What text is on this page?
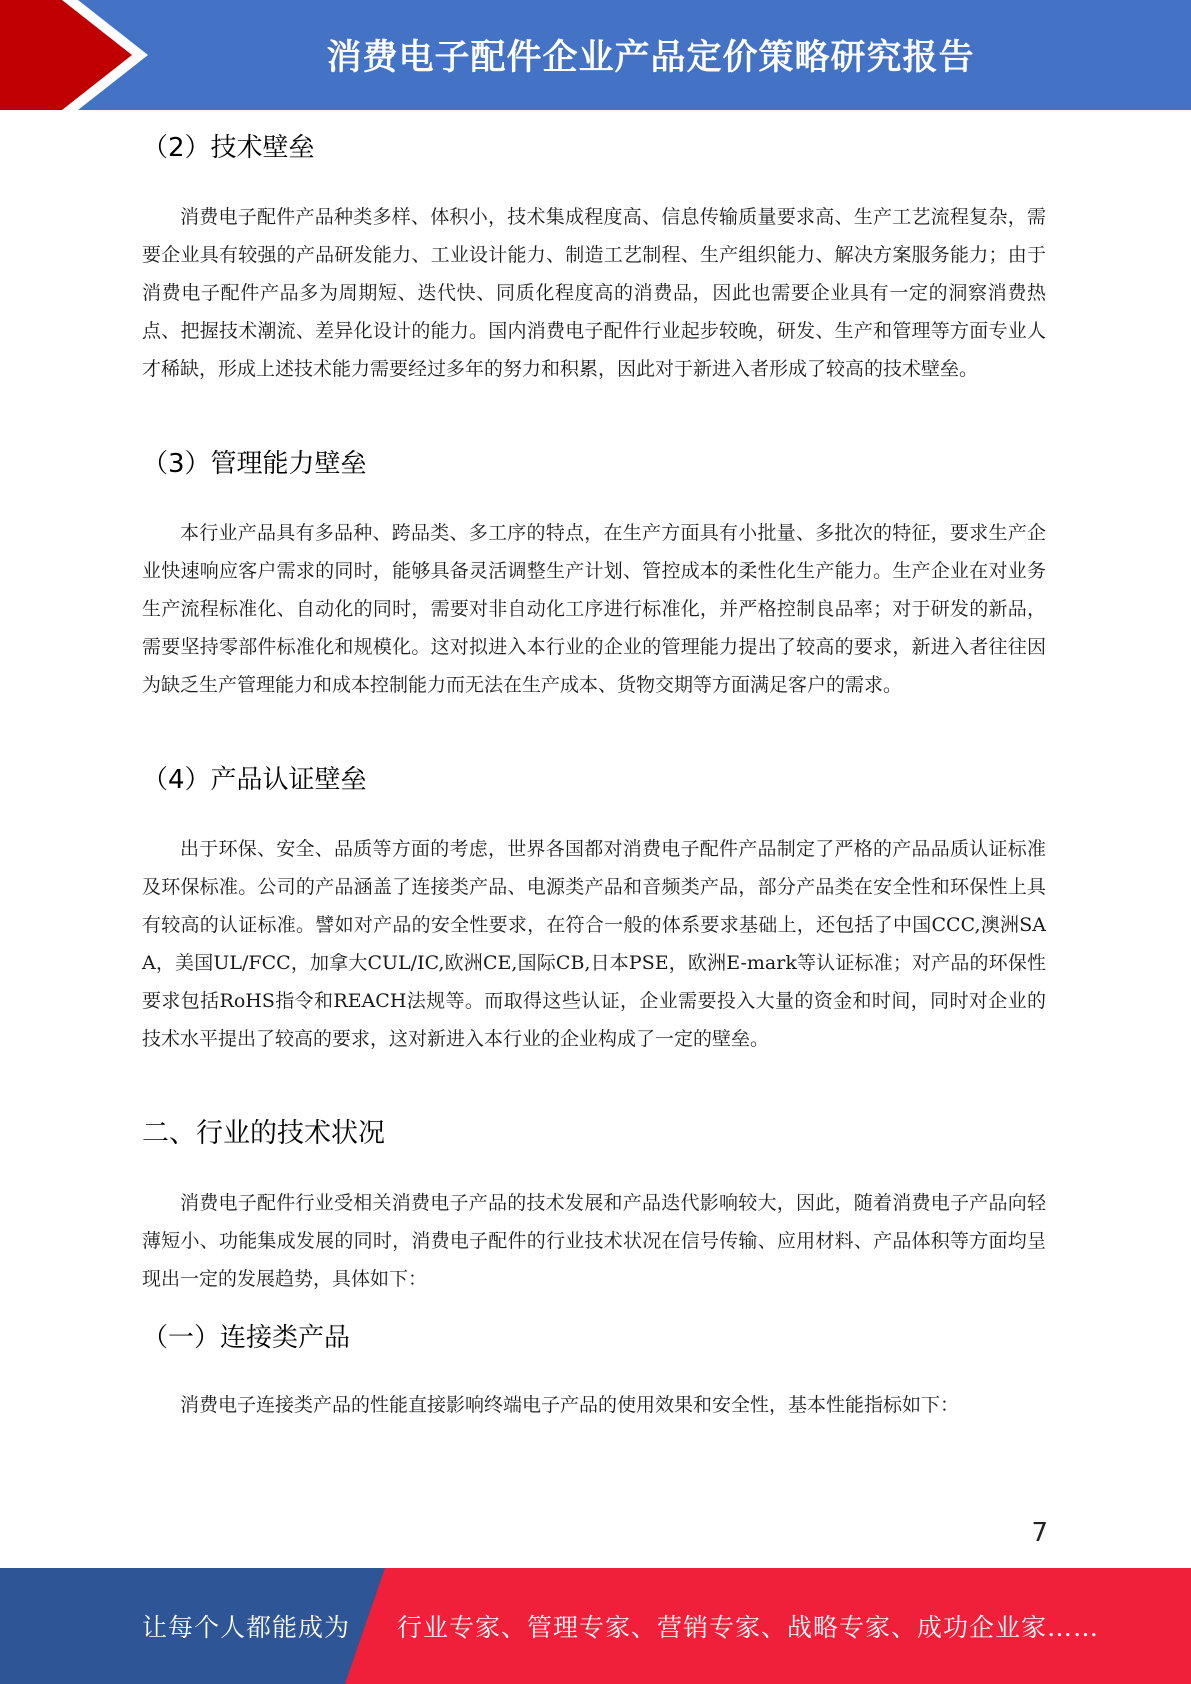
消费电子配件企业产品定价策略研究报告
（2）技术壁垒

消费电子配件产品种类多样、体积小，技术集成程度高、信息传输质量要求高、生产工艺流程复杂，需要企业具有较强的产品研发能力、工业设计能力、制造工艺制程、生产组织能力、解决方案服务能力；由于消费电子配件产品多为周期短、迭代快、同质化程度高的消费品，因此也需要企业具有一定的洞察消费热点、把握技术潮流、差异化设计的能力。国内消费电子配件行业起步较晚，研发、生产和管理等方面专业人才稀缺，形成上述技术能力需要经过多年的努力和积累，因此对于新进入者形成了较高的技术壁垒。

（3）管理能力壁垒

本行业产品具有多品种、跨品类、多工序的特点，在生产方面具有小批量、多批次的特征，要求生产企业快速响应客户需求的同时，能够具备灵活调整生产计划、管控成本的柔性化生产能力。生产企业在对业务生产流程标准化、自动化的同时，需要对非自动化工序进行标准化，并严格控制良品率；对于研发的新品，需要坚持零部件标准化和规模化。这对拟进入本行业的企业的管理能力提出了较高的要求，新进入者往往因为缺乏生产管理能力和成本控制能力而无法在生产成本、货物交期等方面满足客户的需求。

（4）产品认证壁垒

出于环保、安全、品质等方面的考虑，世界各国都对消费电子配件产品制定了严格的产品品质认证标准及环保标准。公司的产品涵盖了连接类产品、电源类产品和音频类产品，部分产品类在安全性和环保性上具有较高的认证标准。譬如对产品的安全性要求，在符合一般的体系要求基础上，还包括了中国CCC,澳洲SAA，美国UL/FCC，加拿大CUL/IC,欧洲CE,国际CB,日本PSE，欧洲E-mark等认证标准；对产品的环保性要求包括RoHS指令和REACH法规等。而取得这些认证，企业需要投入大量的资金和时间，同时对企业的技术水平提出了较高的要求，这对新进入本行业的企业构成了一定的壁垒。

二、行业的技术状况

消费电子配件行业受相关消费电子产品的技术发展和产品迭代影响较大，因此，随着消费电子产品向轻薄短小、功能集成发展的同时，消费电子配件的行业技术状况在信号传输、应用材料、产品体积等方面均呈现出一定的发展趋势，具体如下：

（一）连接类产品

消费电子连接类产品的性能直接影响终端电子产品的使用效果和安全性，基本性能指标如下：

7
让每个人都能成为 行业专家、管理专家、营销专家、战略专家、成功企业家……
